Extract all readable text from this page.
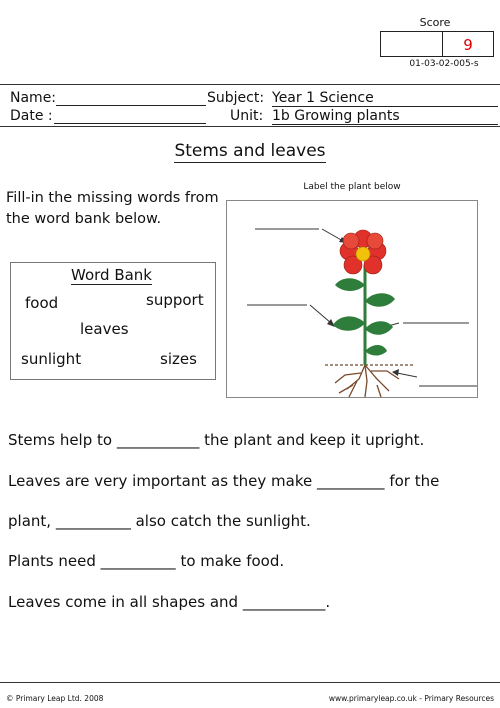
Score
9
01-03-02-005-s
Name:
Date :
Subject: Year 1 Science
Unit: 1b Growing plants
Stems and leaves
Fill-in the missing words from the word bank below.
Word Bank
food	support
leaves
sunlight	sizes
Label the plant below
Stems help to ___________ the plant and keep it upright.
Leaves are very important as they make _________ for the
plant, __________ also catch the sunlight.
Plants need __________ to make food.
Leaves come in all shapes and ___________.
© Primary Leap Ltd. 2008	www.primaryleap.co.uk - Primary Resources
